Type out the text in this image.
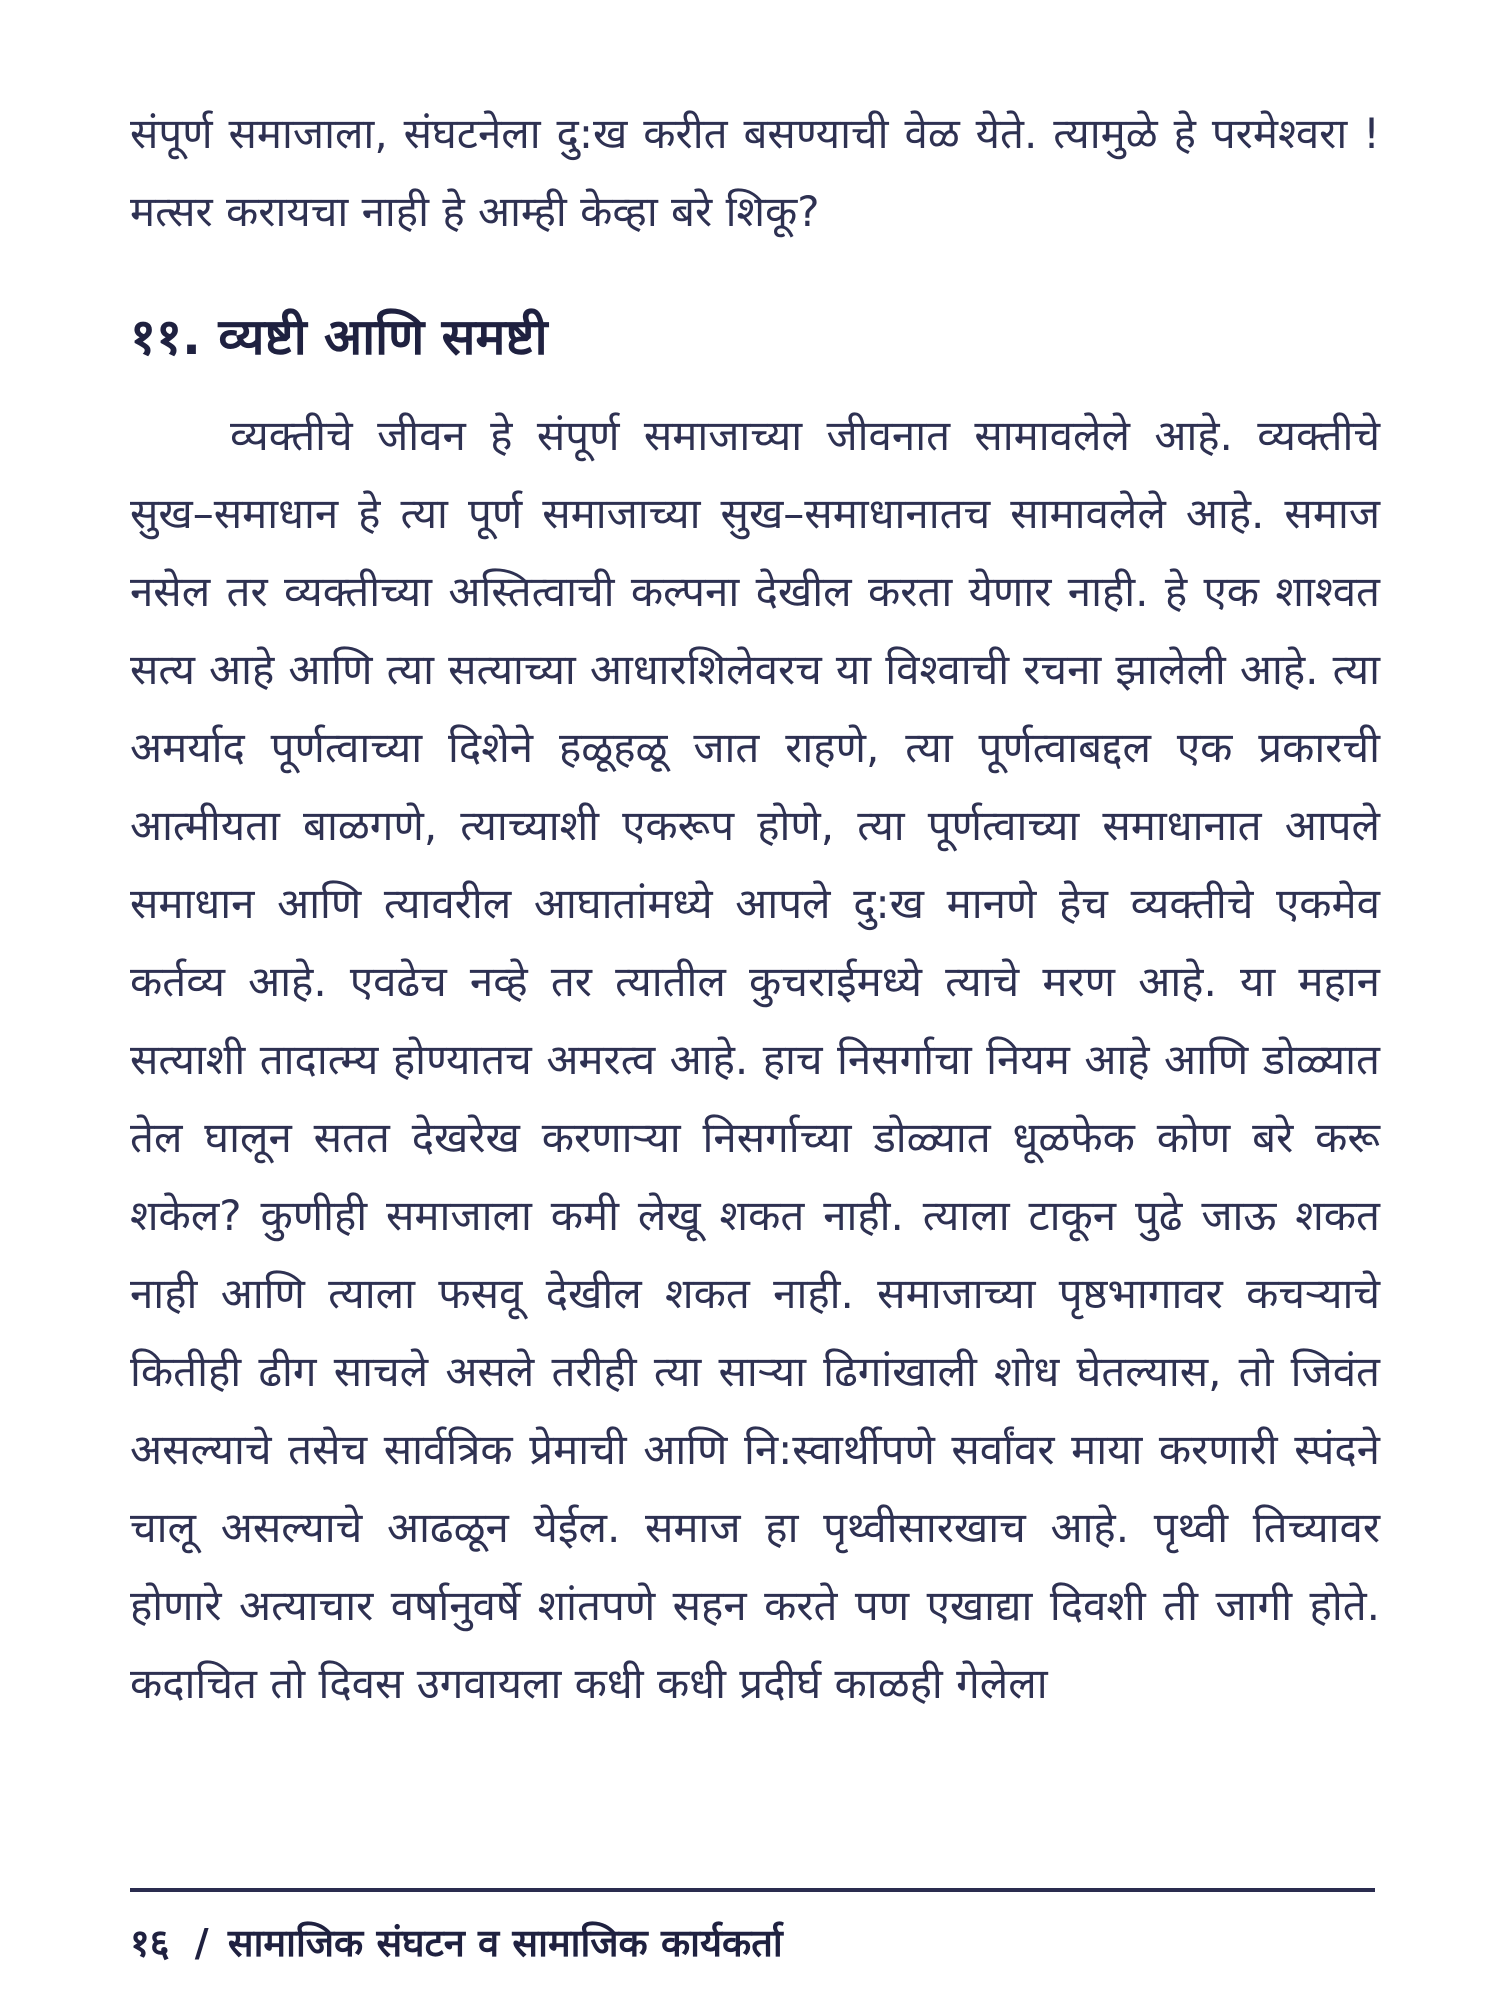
संपूर्ण समाजाला, संघटनेला दु:ख करीत बसण्याची वेळ येते. त्यामुळे हे परमेश्वरा ! मत्सर करायचा नाही हे आम्ही केव्हा बरे शिकू?

११. व्यष्टी आणि समष्टी

व्यक्तीचे जीवन हे संपूर्ण समाजाच्या जीवनात सामावलेले आहे. व्यक्तीचे सुख–समाधान हे त्या पूर्ण समाजाच्या सुख–समाधानातच सामावलेले आहे. समाज नसेल तर व्यक्तीच्या अस्तित्वाची कल्पना देखील करता येणार नाही. हे एक शाश्वत सत्य आहे आणि त्या सत्याच्या आधारशिलेवरच या विश्वाची रचना झालेली आहे. त्या अमर्याद पूर्णत्वाच्या दिशेने हळूहळू जात राहणे, त्या पूर्णत्वाबद्दल एक प्रकारची आत्मीयता बाळगणे, त्याच्याशी एकरूप होणे, त्या पूर्णत्वाच्या समाधानात आपले समाधान आणि त्यावरील आघातांमध्ये आपले दु:ख मानणे हेच व्यक्तीचे एकमेव कर्तव्य आहे. एवढेच नव्हे तर त्यातील कुचराईमध्ये त्याचे मरण आहे. या महान सत्याशी तादात्म्य होण्यातच अमरत्व आहे. हाच निसर्गाचा नियम आहे आणि डोळ्यात तेल घालून सतत देखरेख करणाऱ्या निसर्गाच्या डोळ्यात धूळफेक कोण बरे करू शकेल? कुणीही समाजाला कमी लेखू शकत नाही. त्याला टाकून पुढे जाऊ शकत नाही आणि त्याला फसवू देखील शकत नाही. समाजाच्या पृष्ठभागावर कचऱ्याचे कितीही ढीग साचले असले तरीही त्या साऱ्या ढिगांखाली शोध घेतल्यास, तो जिवंत असल्याचे तसेच सार्वत्रिक प्रेमाची आणि नि:स्वार्थीपणे सर्वांवर माया करणारी स्पंदने चालू असल्याचे आढळून येईल. समाज हा पृथ्वीसारखाच आहे. पृथ्वी तिच्यावर होणारे अत्याचार वर्षानुवर्षे शांतपणे सहन करते पण एखाद्या दिवशी ती जागी होते. कदाचित तो दिवस उगवायला कधी कधी प्रदीर्घ काळही गेलेला

१६ / सामाजिक संघटन व सामाजिक कार्यकर्ता
